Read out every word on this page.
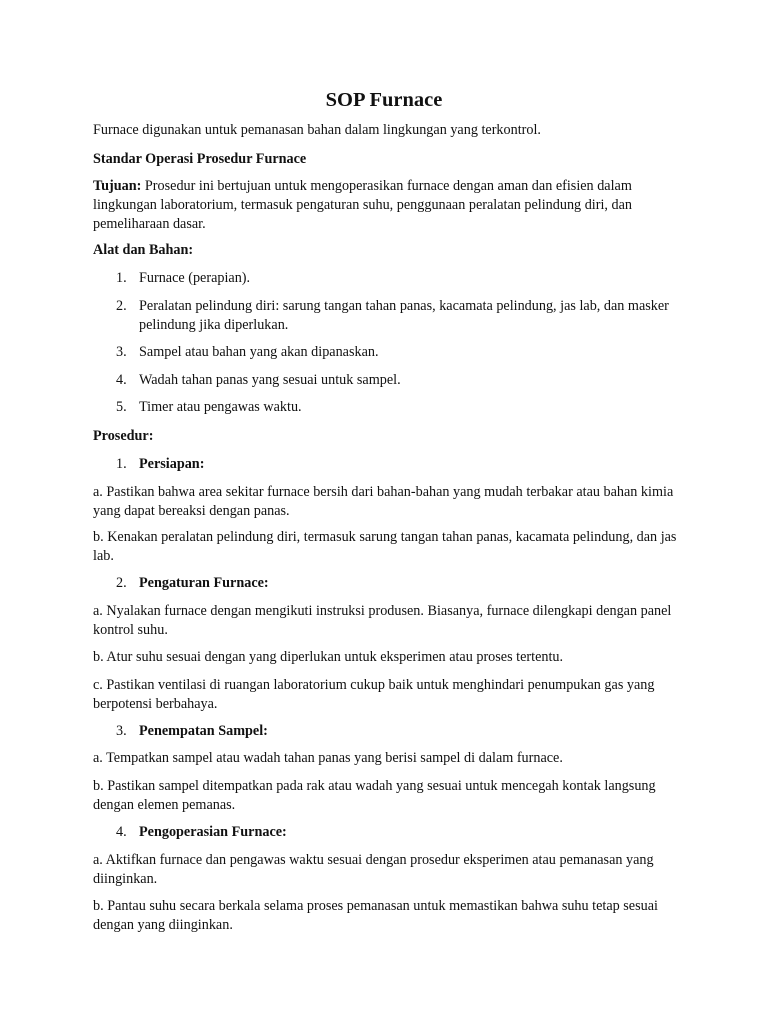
SOP Furnace

Furnace digunakan untuk pemanasan bahan dalam lingkungan yang terkontrol.

Standar Operasi Prosedur Furnace

Tujuan: Prosedur ini bertujuan untuk mengoperasikan furnace dengan aman dan efisien dalam lingkungan laboratorium, termasuk pengaturan suhu, penggunaan peralatan pelindung diri, dan pemeliharaan dasar.

Alat dan Bahan:

1. Furnace (perapian).
2. Peralatan pelindung diri: sarung tangan tahan panas, kacamata pelindung, jas lab, dan masker pelindung jika diperlukan.
3. Sampel atau bahan yang akan dipanaskan.
4. Wadah tahan panas yang sesuai untuk sampel.
5. Timer atau pengawas waktu.

Prosedur:

1. Persiapan:

a. Pastikan bahwa area sekitar furnace bersih dari bahan-bahan yang mudah terbakar atau bahan kimia yang dapat bereaksi dengan panas.

b. Kenakan peralatan pelindung diri, termasuk sarung tangan tahan panas, kacamata pelindung, dan jas lab.

2. Pengaturan Furnace:

a. Nyalakan furnace dengan mengikuti instruksi produsen. Biasanya, furnace dilengkapi dengan panel kontrol suhu.

b. Atur suhu sesuai dengan yang diperlukan untuk eksperimen atau proses tertentu.

c. Pastikan ventilasi di ruangan laboratorium cukup baik untuk menghindari penumpukan gas yang berpotensi berbahaya.

3. Penempatan Sampel:

a. Tempatkan sampel atau wadah tahan panas yang berisi sampel di dalam furnace.

b. Pastikan sampel ditempatkan pada rak atau wadah yang sesuai untuk mencegah kontak langsung dengan elemen pemanas.

4. Pengoperasian Furnace:

a. Aktifkan furnace dan pengawas waktu sesuai dengan prosedur eksperimen atau pemanasan yang diinginkan.

b. Pantau suhu secara berkala selama proses pemanasan untuk memastikan bahwa suhu tetap sesuai dengan yang diinginkan.
